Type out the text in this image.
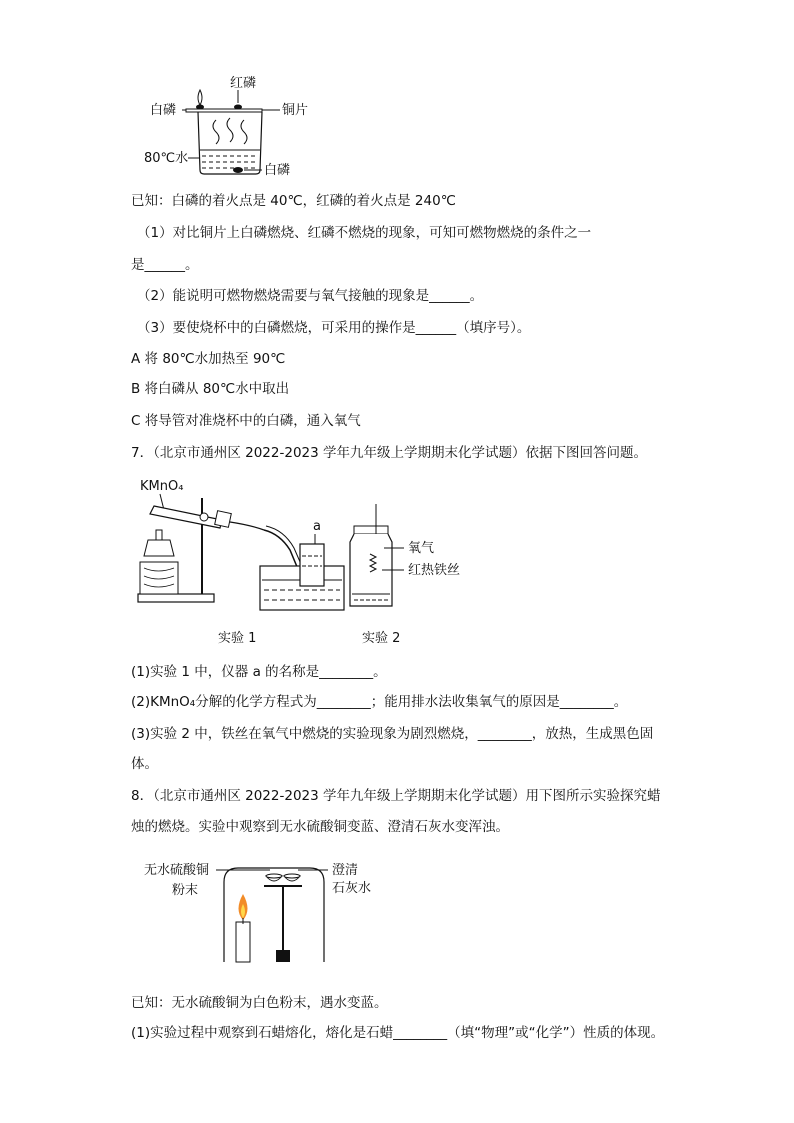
红磷
白磷	铜片
80℃水
白磷
已知：白磷的着火点是 40℃，红磷的着火点是 240℃
（1）对比铜片上白磷燃烧、红磷不燃烧的现象，可知可燃物燃烧的条件之一
是______。
（2）能说明可燃物燃烧需要与氧气接触的现象是______。
（3）要使烧杯中的白磷燃烧，可采用的操作是______（填序号）。
A 将 80℃水加热至 90℃
B 将白磷从 80℃水中取出
C 将导管对准烧杯中的白磷，通入氧气
7．（北京市通州区 2022-2023 学年九年级上学期期末化学试题）依据下图回答问题。
KMnO₄
a
氧气
红热铁丝
实验 1	实验 2
(1)实验 1 中，仪器 a 的名称是________。
(2)KMnO₄分解的化学方程式为________；能用排水法收集氧气的原因是________。
(3)实验 2 中，铁丝在氧气中燃烧的实验现象为剧烈燃烧，________，放热，生成黑色固
体。
8．（北京市通州区 2022-2023 学年九年级上学期期末化学试题）用下图所示实验探究蜡
烛的燃烧。实验中观察到无水硫酸铜变蓝、澄清石灰水变浑浊。
无水硫酸铜
粉末
澄清
石灰水
已知：无水硫酸铜为白色粉末，遇水变蓝。
(1)实验过程中观察到石蜡熔化，熔化是石蜡________（填“物理”或“化学”）性质的体现。
